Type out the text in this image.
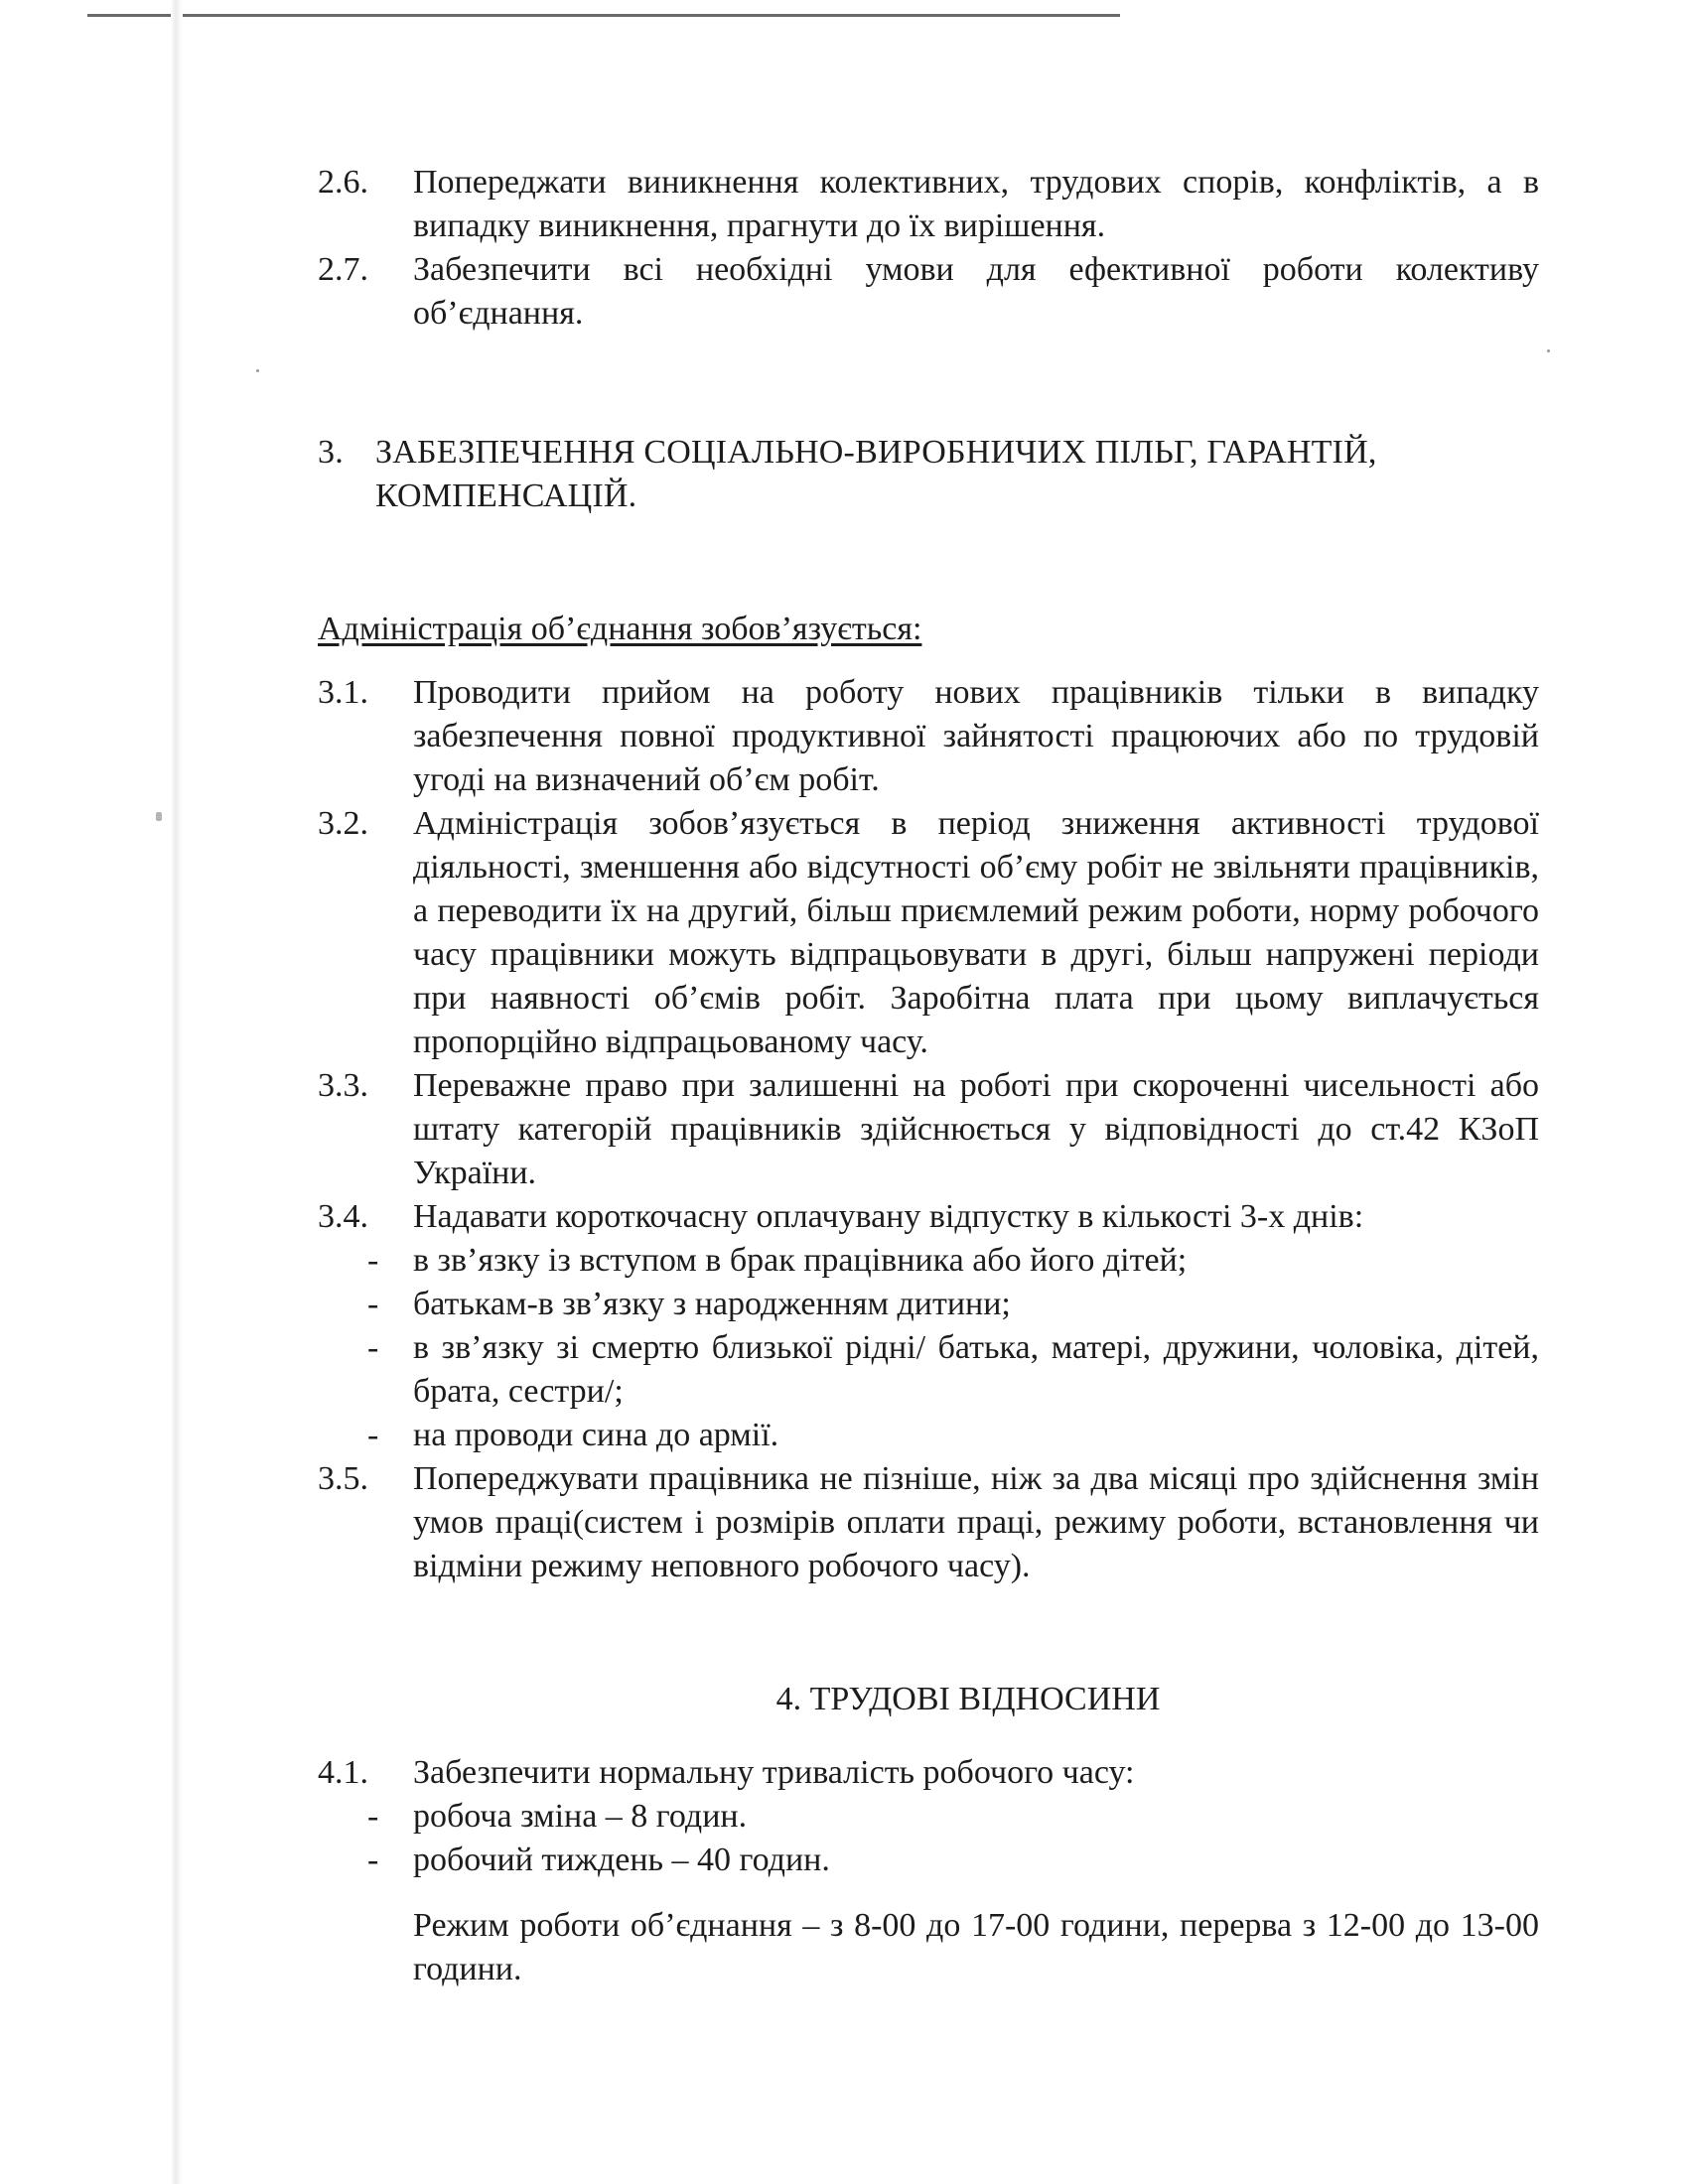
2.6.	Попереджати виникнення колективних, трудових спорів, конфліктів, а в випадку виникнення, прагнути до їх вирішення.
2.7.	Забезпечити всі необхідні умови для ефективної роботи колективу об’єднання.
3. ЗАБЕЗПЕЧЕННЯ СОЦІАЛЬНО-ВИРОБНИЧИХ ПІЛЬГ, ГАРАНТІЙ, КОМПЕНСАЦІЙ.
Адміністрація об’єднання зобов’язується:
3.1.	Проводити прийом на роботу нових працівників тільки в випадку забезпечення повної продуктивної зайнятості працюючих або по трудовій угоді на визначений об’єм робіт.
3.2.	Адміністрація зобов’язується в період зниження активності трудової діяльності, зменшення або відсутності об’єму робіт не звільняти працівників, а переводити їх на другий, більш приємлемий режим роботи, норму робочого часу працівники можуть відпрацьовувати в другі, більш напружені періоди при наявності об’ємів робіт. Заробітна плата при цьому виплачується пропорційно відпрацьованому часу.
3.3.	Переважне право при залишенні на роботі при скороченні чисельності або штату категорій працівників здійснюється у відповідності до ст.42 КЗоП України.
3.4.	Надавати короткочасну оплачувану відпустку в кількості 3-х днів:
-	в зв’язку із вступом в брак працівника або його дітей;
-	батькам-в зв’язку з народженням дитини;
-	в зв’язку зі смертю близької рідні/ батька, матері, дружини, чоловіка, дітей, брата, сестри/;
-	на проводи сина до армії.
3.5.	Попереджувати працівника не пізніше, ніж за два місяці про здійснення змін умов праці(систем і розмірів оплати праці, режиму роботи, встановлення чи відміни режиму неповного робочого часу).
4. ТРУДОВІ ВІДНОСИНИ
4.1.	Забезпечити нормальну тривалість робочого часу:
-	робоча зміна – 8 годин.
-	робочий тиждень – 40 годин.
Режим роботи об’єднання – з 8-00 до 17-00 години, перерва з 12-00 до 13-00 години.
